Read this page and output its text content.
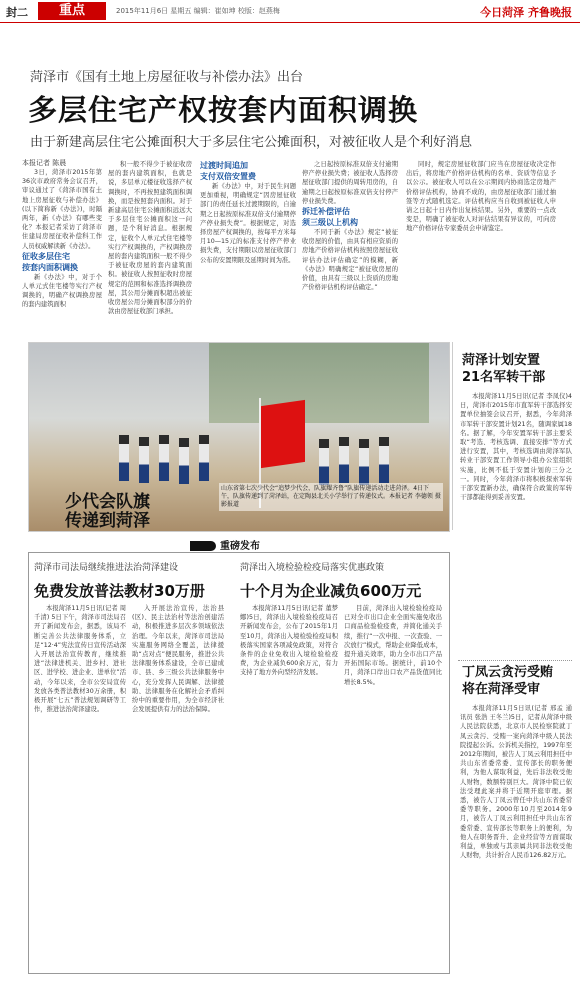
封二	重点	2015年11月6日 星期五 编辑：崔如坤 校版：赵燕梅	今日菏泽 齐鲁晚报
菏泽市《国有土地上房屋征收与补偿办法》出台
多层住宅产权按套内面积调换
由于新建高层住宅公摊面积大于多层住宅公摊面积，对被征收人是个利好消息
本报记者 陈晨

3日，菏泽市2015年第36次市政府常务会议召开，审议通过了《菏泽市国有土地上房屋征收与补偿办法》(以下简称新《办法》)，时隔两年，新《办法》有哪些变化？本报记者采访了菏泽市住建局房屋征收补偿科工作人员权威解读新《办法》。

征收多层住宅
按套内面积调换

新《办法》中，对于个人单元式住宅楼等实行产权调换的，明确产权调换房屋的套内建筑面积

积一般不得少于被征收房屋的套内建筑面积，也就是说，多层单元楼征收选择产权调换时，不再按照建筑面积调换，而是按照套内面积。对于新建高层住宅公摊面积远远大于多层住宅公摊面积这一问题，是个利好消息。根据规定，征收个人单元式住宅楼等实行产权调换的，产权调换房屋的套内建筑面积一般不得少于被征收房屋的套内建筑面积。被征收人按照征收时房屋规定的范围和标准选择调换房屋，其公用分摊面积超出被征收房屋公用分摊面积部分的价款由房屋征收部门承担。

过渡时间追加
支付双倍安置费

新《办法》中，对于民生问题更加重视，明确规定“因房屋征收部门的责任延长过渡期限的，自逾期之日起按原标准双倍支付逾期停产停业损失费”。根据规定，对选择房屋产权调换的，按每平方米每月10—15元的标准支付停产停业损失费，支付期限以房屋征收部门公布的安置期限及延期时间为准。

之日起按原标准双倍支付逾期停产停业损失费；被征收人选择房屋征收部门提供的周转用房的，自逾期之日起按原标准双倍支付停产停业损失费。

拆迁补偿评估
须三级以上机构

不同于新《办法》规定“被征收房屋的价值，由具有相应资质的房地产价格评估机构按照房屋征收评估办法评估确定”的模糊，新《办法》明确规定“被征收房屋的价值，由具有三级以上资质的房地产价格评估机构评估确定。”

同时，规定房屋征收部门应当在房屋征收决定作出后，将房地产价格评估机构的名单、资质等信息予以公示。被征收人可以在公示期间内协商选定房地产价格评估机构，协商不成的，由房屋征收部门通过抽签等方式随机选定。评估机构应当自收到被征收人申请之日起十日内作出复核结果。另外，重要的一点改变是，明确了被征收人对评估结果有异议的，可向房地产价格评估专家委员会申请鉴定。

少代会队旗
传递到菏泽
山东省第七次少代会“追梦少代会，队旗耀齐鲁”队旗传递活动走进菏泽。4日下午，队旗传递到了菏泽站，在定陶县北关小学举行了传递仪式。本报记者 李德领 摄影报道
菏泽计划安置
21名军转干部

本报菏泽11月5日讯(记者 李凤仪)4日，菏泽市2015年市直军转干部选择安置单位抽签会议召开，据悉，今年菏泽市军转干部安置计划21名，随调家属18名。据了解，今年安置军转干部主要采取“考选、考核选调、直接安排”等方式进行安置，其中，考核选调由菏泽军队转业干部安置工作领导小组办公室组织实施，比例不低于安置计划的三分之一。同时，今年菏泽市将积极探索军转干部安置新办法，确保符合政策的军转干部都能得到妥善安置。

重磅发布
菏泽市司法局继续推进法治菏泽建设
免费发放普法教材30万册

本报菏泽11月5日讯(记者 周千清) 5日下午，菏泽市司法局召开了新闻发布会，据悉，该局不断完善公共法律服务体系，立足“12·4”宪法宣传日宣传活动深入开展法治宣传教育，继续推进“法律进机关、进乡村、进社区、进学校、进企业、进单位”活动，今年以来，全市公安局宣传发放各类普法教材30万余册，积极开展“七五”普法规划调研等工作，推进法治菏泽建设。

入开展法治宣传，法治县(区)、民主法治村等法治创建活动，积极推进多层次多领域依法治理。今年以来，菏泽市司法局实施服务网络全覆盖，法律援助“点对点”便民服务，推进公共法律服务体系建设，全市已建成市、县、乡三级公共法律服务中心，充分发挥人民调解、法律援助、法律服务在化解社会矛盾纠纷中的重要作用，为全市经济社会发展提供有力的法治保障。

菏泽出入境检验检疫局落实优惠政策
十个月为企业减负600万元

本报菏泽11月5日讯(记者 董梦娜)5日，菏泽出入境检验检疫局召开新闻发布会，公布了2015年1月至10月，菏泽出入境检验检疫局积极落实国家各项减免政策，对符合条件的企业免收出入境检验检疫费，为企业减负600余万元，有力支持了地方外向型经济发展。

目前，菏泽出入境检验检疫局已对全市出口企业全面实施免收出口商品检验检疫费，并简化通关手续，推行“一次申报、一次查验、一次放行”模式，帮助企业降低成本，提升通关效率，助力全市出口产品开拓国际市场。据统计，前10个月，菏泽口岸出口农产品货值同比增长8.5%。

丁凤云贪污受贿
将在菏泽受审

本报菏泽11月5日讯(记者 邢孟 通讯员 张浩 王冬兰)5日，记者从菏泽中级人民法院获悉，北京市人民检察院就丁凤云贪污、受贿一案向菏泽中级人民法院提起公诉。公诉机关指控，1997年至2012年期间，被告人丁凤云利用担任中共山东省委常委、宣传部长的职务便利，为他人谋取利益，先后非法收受他人财物，数额特别巨大。菏泽中院已依法受理此案并将于近期开庭审理。据悉，被告人丁凤云曾任中共山东省委常委等职务。2000年10月至2014年9月，被告人丁凤云利用担任中共山东省委常委、宣传部长等职务上的便利，为他人在职务晋升、企业经营等方面谋取利益，单独或与其亲属共同非法收受他人财物，共计折合人民币126.82万元。
